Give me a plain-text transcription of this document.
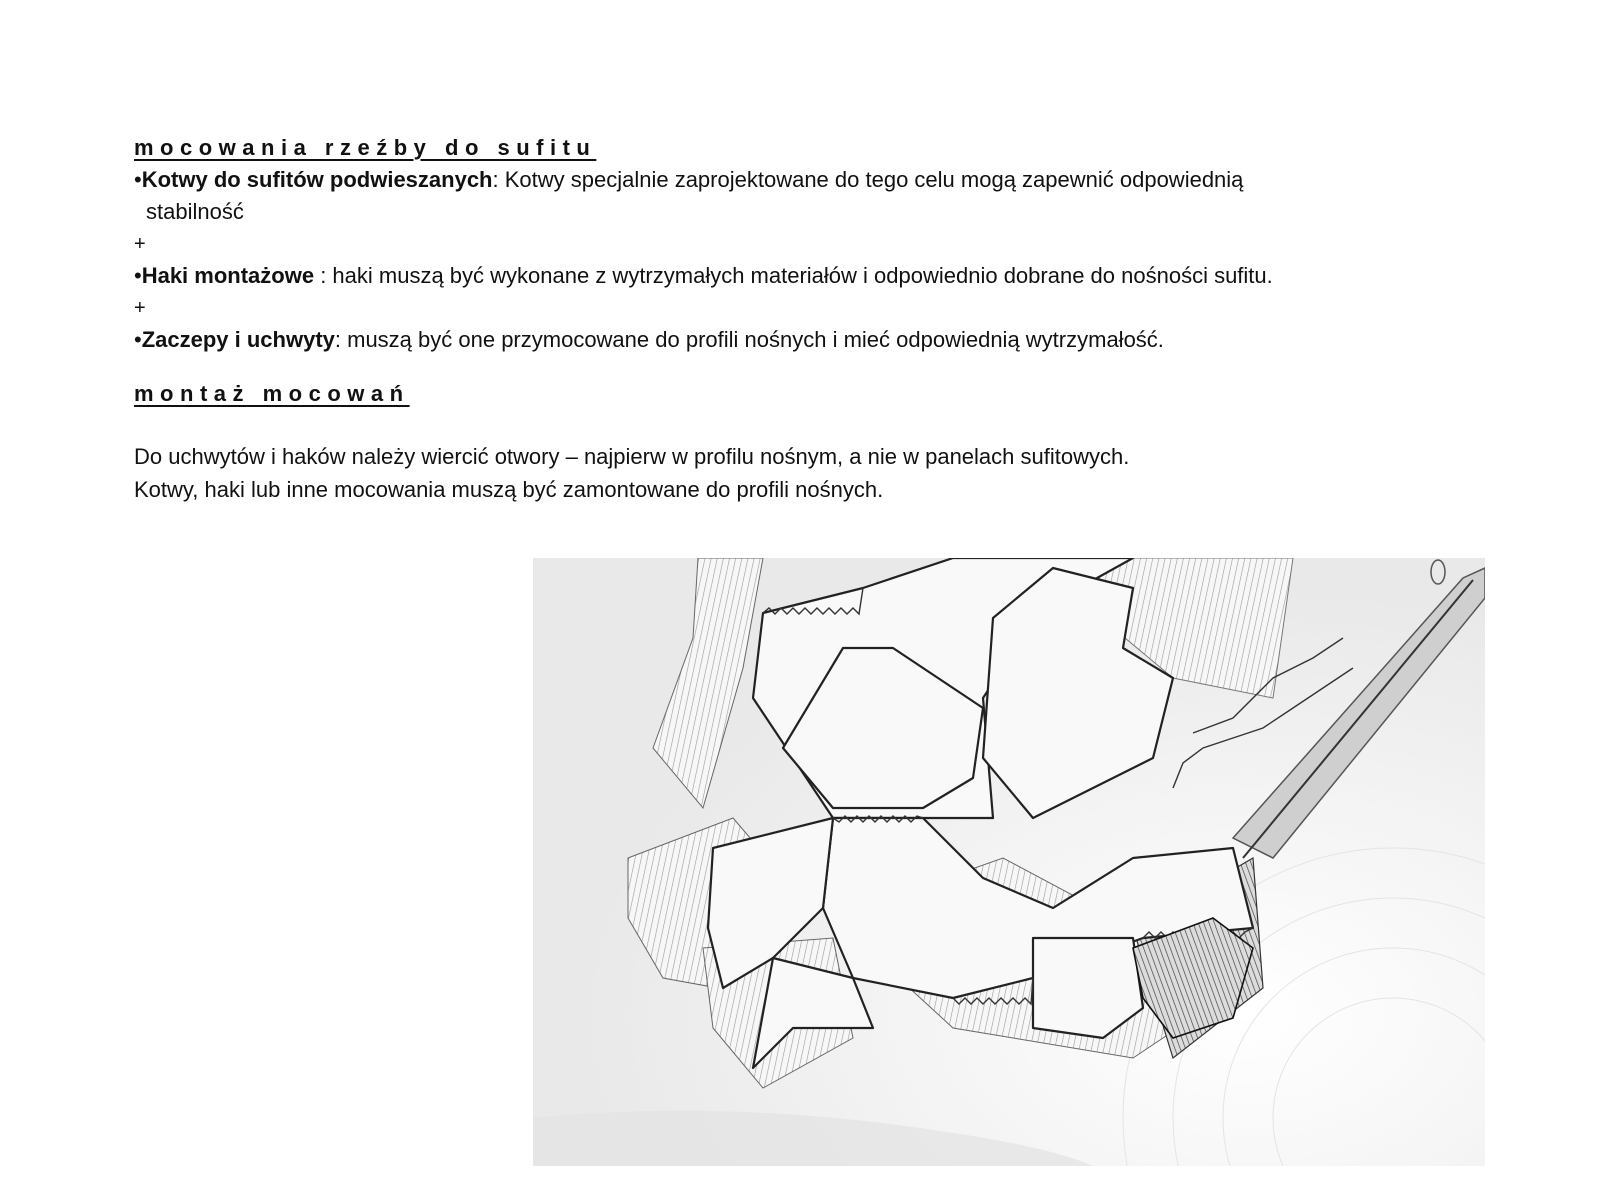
mocowania rzeźby do sufitu

•Kotwy do sufitów podwieszanych: Kotwy specjalnie zaprojektowane do tego celu mogą zapewnić odpowiednią

stabilność

+

•Haki montażowe : haki muszą być wykonane z wytrzymałych materiałów i odpowiednio dobrane do nośności sufitu.

+

•Zaczepy i uchwyty: muszą być one przymocowane do profili nośnych i mieć odpowiednią wytrzymałość.

montaż mocowań

Do uchwytów i haków należy wiercić otwory – najpierw w profilu nośnym, a nie w panelach sufitowych.

Kotwy, haki lub inne mocowania muszą być zamontowane do profili nośnych.
